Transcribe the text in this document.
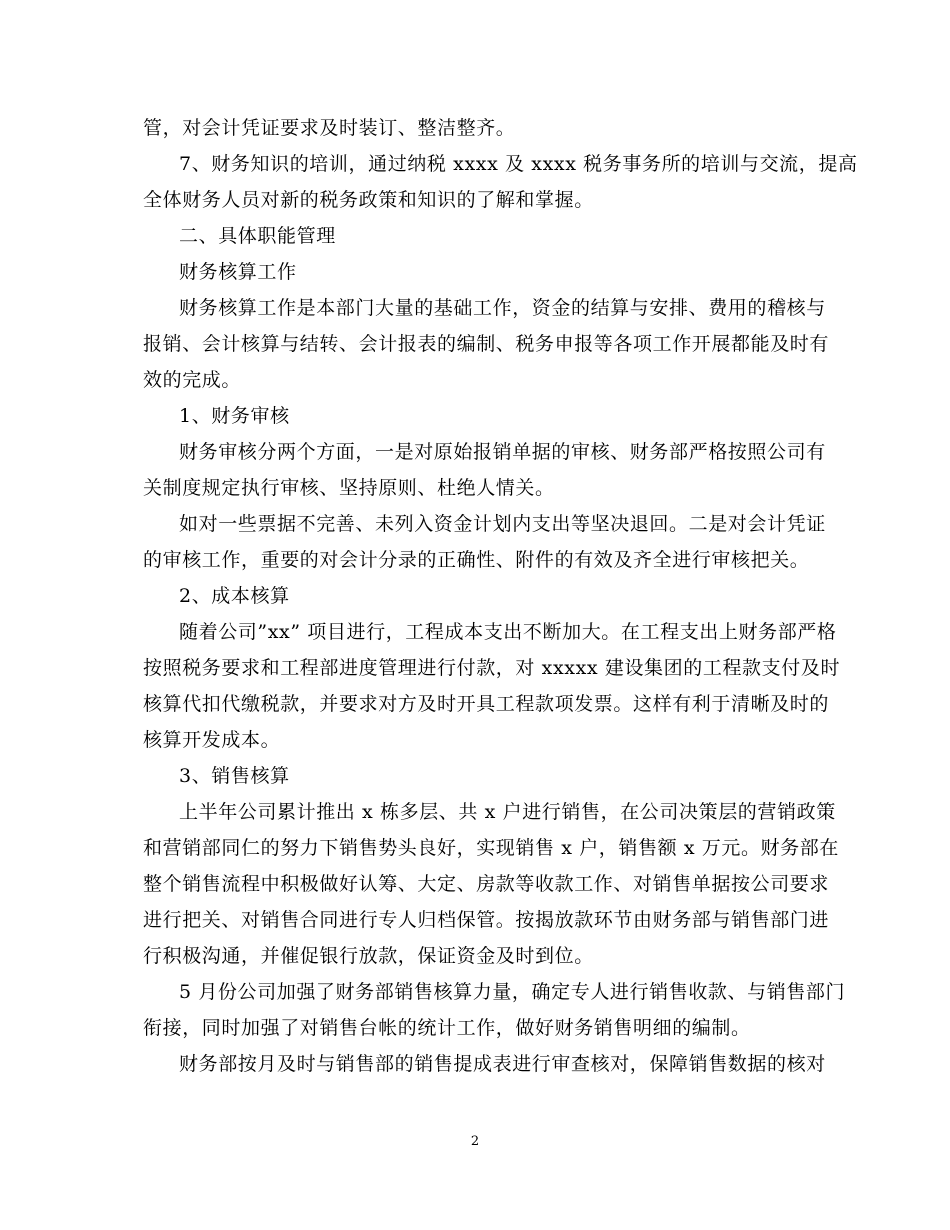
管，对会计凭证要求及时装订、整洁整齐。
7、财务知识的培训，通过纳税 xxxx 及 xxxx 税务事务所的培训与交流，提高
全体财务人员对新的税务政策和知识的了解和掌握。
二、具体职能管理
财务核算工作
财务核算工作是本部门大量的基础工作，资金的结算与安排、费用的稽核与
报销、会计核算与结转、会计报表的编制、税务申报等各项工作开展都能及时有
效的完成。
1、财务审核
财务审核分两个方面，一是对原始报销单据的审核、财务部严格按照公司有
关制度规定执行审核、坚持原则、杜绝人情关。
如对一些票据不完善、未列入资金计划内支出等坚决退回。二是对会计凭证
的审核工作，重要的对会计分录的正确性、附件的有效及齐全进行审核把关。
2、成本核算
随着公司”xx” 项目进行，工程成本支出不断加大。在工程支出上财务部严格
按照税务要求和工程部进度管理进行付款，对 xxxxx 建设集团的工程款支付及时
核算代扣代缴税款，并要求对方及时开具工程款项发票。这样有利于清晰及时的
核算开发成本。
3、销售核算
上半年公司累计推出 x 栋多层、共 x 户进行销售，在公司决策层的营销政策
和营销部同仁的努力下销售势头良好，实现销售 x 户，销售额 x 万元。财务部在
整个销售流程中积极做好认筹、大定、房款等收款工作、对销售单据按公司要求
进行把关、对销售合同进行专人归档保管。按揭放款环节由财务部与销售部门进
行积极沟通，并催促银行放款，保证资金及时到位。
5 月份公司加强了财务部销售核算力量，确定专人进行销售收款、与销售部门
衔接，同时加强了对销售台帐的统计工作，做好财务销售明细的编制。
财务部按月及时与销售部的销售提成表进行审查核对，保障销售数据的核对
2
